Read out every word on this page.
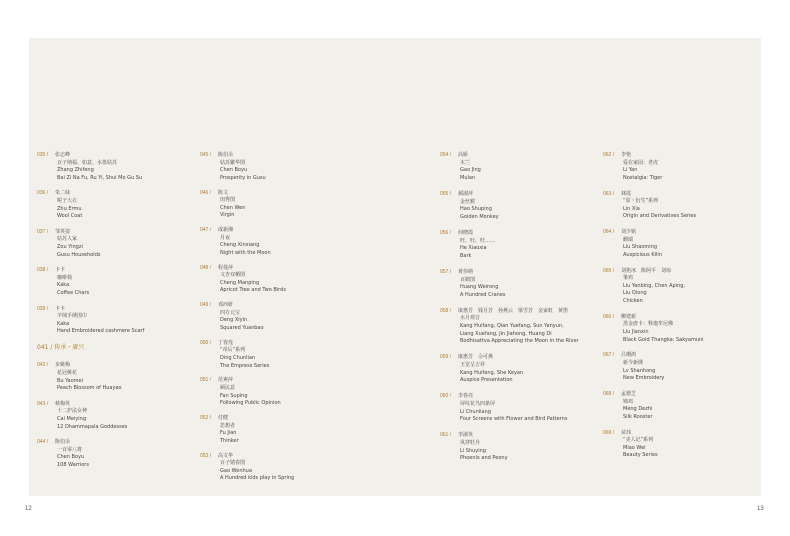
035 / 张志峰
百子纳福、如意、水墨姑苏
Zhang Zhifeng
Bai Zi Na Fu, Ru Yi, Shui Mo Gu Su
036 / 朱二妹
呢子大衣
Zhu Ermu
Wool Coat
037 / 邹英姿
姑苏人家
Zou Yingzi
Gusu Households
038 / 卡卡
咖啡椅
Kaka
Coffee Chars
039 / 卡卡
羊绒手绣围巾
Kaka
Hand Embroidered cashmere Scarf
041 / 传承・赓兴
042 / 步姚梅
花冠桃花
Bu Yaomei
Peach Blossom of Huayao
043 / 蔡梅英
十二护法女神
Cai Meiying
12 Dhammapala Goddesses
044 / 陈伯余
一百零八将
Chen Boyu
108 Warriors
045 / 陈伯余
姑苏繁华图
Chen Boyu
Prosperity in Gusu
046 / 陈文
闺秀图
Chen Wen
Virgin
047 / 成新湘
月夜
Cheng Xinxiang
Night with the Moon
048 / 程曼萍
文杏双栖图
Cheng Manping
Apricot Tree and Two Birds
049 / 邓西妍
四方元宝
Deng Xiyin
Squared Yuanbao
050 / 丁春莲
“帝后”系列
Ding Chunlian
The Empress Series
051 / 范素萍
顾民意
Fan Suping
Following Public Opinion
052 / 付健
思想者
Fu Jian
Thinker
053 / 高文华
百子嬉春图
Gao Wenhua
A Hundred kids play in Spring
054 / 高娇
木兰
Gao Jing
Mulan
055 / 郝淑萍
金丝猴
Hao Shuping
Golden Monkey
056 / 何晓霞
旺、旺、旺……
He Xiaoxia
Bark
057 / 黄伟榕
百鹤图
Huang Weirong
A Hundred Cranes
058 / 康惠芳　钱月芳　孙燕云　梁雪芳　金家虹　黄笛
水月观音
Kang Huifang, Qian Yuefang, Sun Yanyun,
Liang Xuefang, Jin Jiahong, Huang Di
Bodhisattva Appreciating the Moon in the River
059 / 康惠芳　佘可燕
玉堂呈吉祥
Kang Huifang, She Keyan
Auspice Presentation
060 / 李春亮
屏纹花鸟四条屏
Li Chunliang
Four Screens with Flower and Bird Patterns
061 / 李淑英
凤穿牡丹
Li Shuying
Phoenix and Peony
062 / 李艳
爱在家园：老虎
Li Yan
Nostalgia: Tiger
063 / 林霞
“原・衍生”系列
Lin Xia
Origin and Derivatives Series
064 / 刘少铭
麒瑞
Liu Shaoming
Auspicious Kilin
065 / 刘艳冰　陈阿平　刘琼
雏鸡
Liu Yanbing, Chen Aping,
Liu Qiong
Chicken
066 / 柳建新
黑金唐卡：释迦牟尼佛
Liu Jianxin
Black Gold Thangka: Sakyamuni
067 / 吕珊鸿
新今新绣
Lv Shanhong
New Embroidery
068 / 孟德芝
锦鸡
Meng Dezhi
Silk Rooster
069 / 苗玮
“美人记”系列
Miao Wei
Beauty Series
12	13
